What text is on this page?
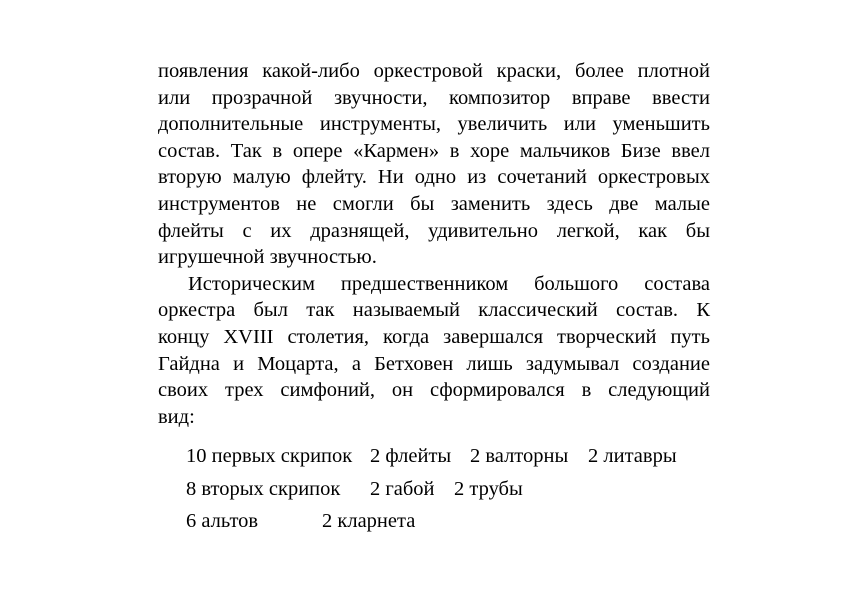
появления какой-либо оркестровой краски, более плотной
или прозрачной звучности, композитор вправе ввести
дополнительные инструменты, увеличить или уменьшить
состав. Так в опере «Кармен» в хоре мальчиков Бизе ввел
вторую малую флейту. Ни одно из сочетаний оркестровых
инструментов не смогли бы заменить здесь две малые
флейты с их дразнящей, удивительно легкой, как бы
игрушечной звучностью.
Историческим предшественником большого состава
оркестра был так называемый классический состав. К
концу XVIII столетия, когда завершался творческий путь
Гайдна и Моцарта, а Бетховен лишь задумывал создание
своих трех симфоний, он сформировался в следующий
вид:
10 первых скрипок 2 флейты 2 валторны 2 литавры
8 вторых скрипок 2 габой 2 трубы
6 альтов	2 кларнета
